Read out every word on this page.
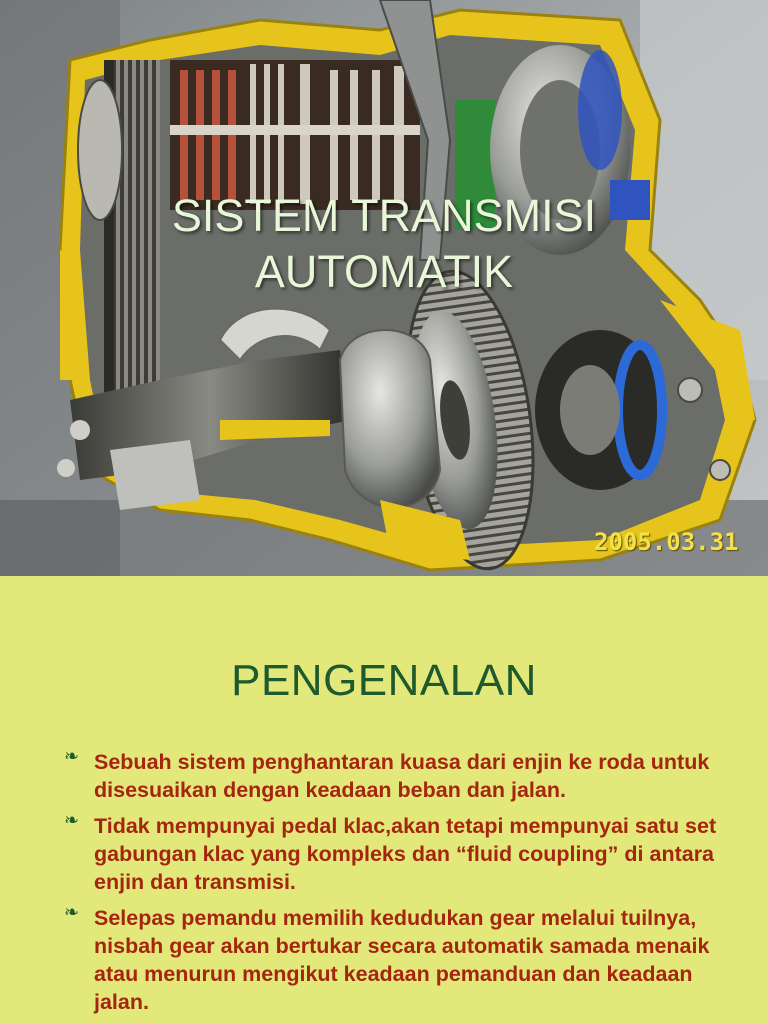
SISTEM TRANSMISI
AUTOMATIK
2005.03.31
PENGENALAN
❧ Sebuah sistem penghantaran kuasa dari enjin ke roda untuk disesuaikan dengan keadaan beban dan jalan.
❧ Tidak mempunyai pedal klac,akan tetapi mempunyai satu set gabungan klac yang kompleks dan “fluid coupling” di antara enjin dan transmisi.
❧ Selepas pemandu memilih kedudukan gear melalui tuilnya, nisbah gear akan bertukar secara automatik samada menaik atau menurun mengikut keadaan pemanduan dan keadaan jalan.
